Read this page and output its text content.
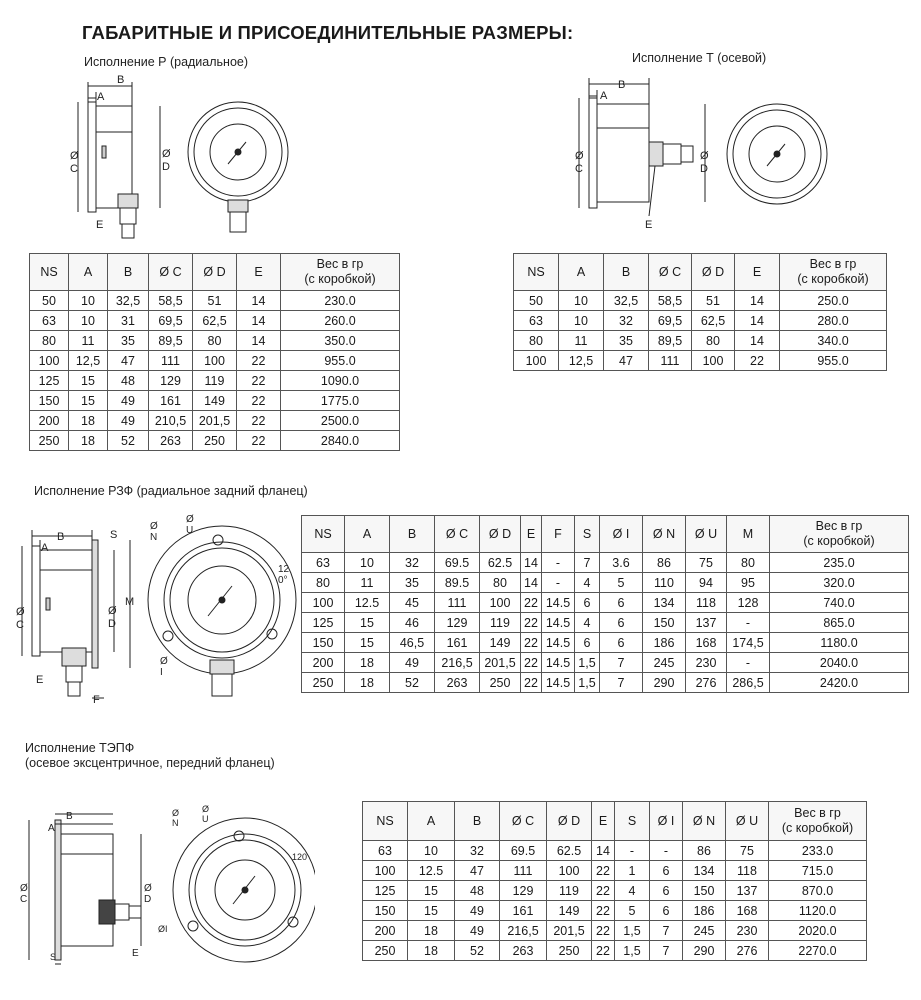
ГАБАРИТНЫЕ И ПРИСОЕДИНИТЕЛЬНЫЕ РАЗМЕРЫ:
Исполнение Р (радиальное)
B
A
Ø
C
Ø
D
E
NS	A	B	Ø C	Ø D	E	Вес в гр
(с коробкой)
50	10	32,5	58,5	51	14	230.0
63	10	31	69,5	62,5	14	260.0
80	11	35	89,5	80	14	350.0
100	12,5	47	111	100	22	955.0
125	15	48	129	119	22	1090.0
150	15	49	161	149	22	1775.0
200	18	49	210,5	201,5	22	2500.0
250	18	52	263	250	22	2840.0
Исполнение Т (осевой)
B
A
Ø
C
Ø
D
E
NS	A	B	Ø C	Ø D	E	Вес в гр
(с коробкой)
50	10	32,5	58,5	51	14	250.0
63	10	32	69,5	62,5	14	280.0
80	11	35	89,5	80	14	340.0
100	12,5	47	111	100	22	955.0
Исполнение РЗФ (радиальное задний фланец)
B
A
S
Ø
C
Ø
D
M
E
F
Ø
N
Ø
U
Ø
I
12
0°
NS	A	B	Ø C	Ø D	E	F	S	Ø I	Ø N	Ø U	M	Вес в гр
(с коробкой)
63	10	32	69.5	62.5	14	-	7	3.6	86	75	80	235.0
80	11	35	89.5	80	14	-	4	5	110	94	95	320.0
100	12.5	45	111	100	22	14.5	6	6	134	118	128	740.0
125	15	46	129	119	22	14.5	4	6	150	137	-	865.0
150	15	46,5	161	149	22	14.5	6	6	186	168	174,5	1180.0
200	18	49	216,5	201,5	22	14.5	1,5	7	245	230	-	2040.0
250	18	52	263	250	22	14.5	1,5	7	290	276	286,5	2420.0
Исполнение ТЭПФ
(осевое эксцентричное, передний фланец)
B
A
Ø
C
Ø
D
E
S
Ø
N
Ø
U
ØI
120
NS	A	B	Ø C	Ø D	E	S	Ø I	Ø N	Ø U	Вес в гр
(с коробкой)
63	10	32	69.5	62.5	14	-	-	86	75	233.0
100	12.5	47	111	100	22	1	6	134	118	715.0
125	15	48	129	119	22	4	6	150	137	870.0
150	15	49	161	149	22	5	6	186	168	1120.0
200	18	49	216,5	201,5	22	1,5	7	245	230	2020.0
250	18	52	263	250	22	1,5	7	290	276	2270.0
